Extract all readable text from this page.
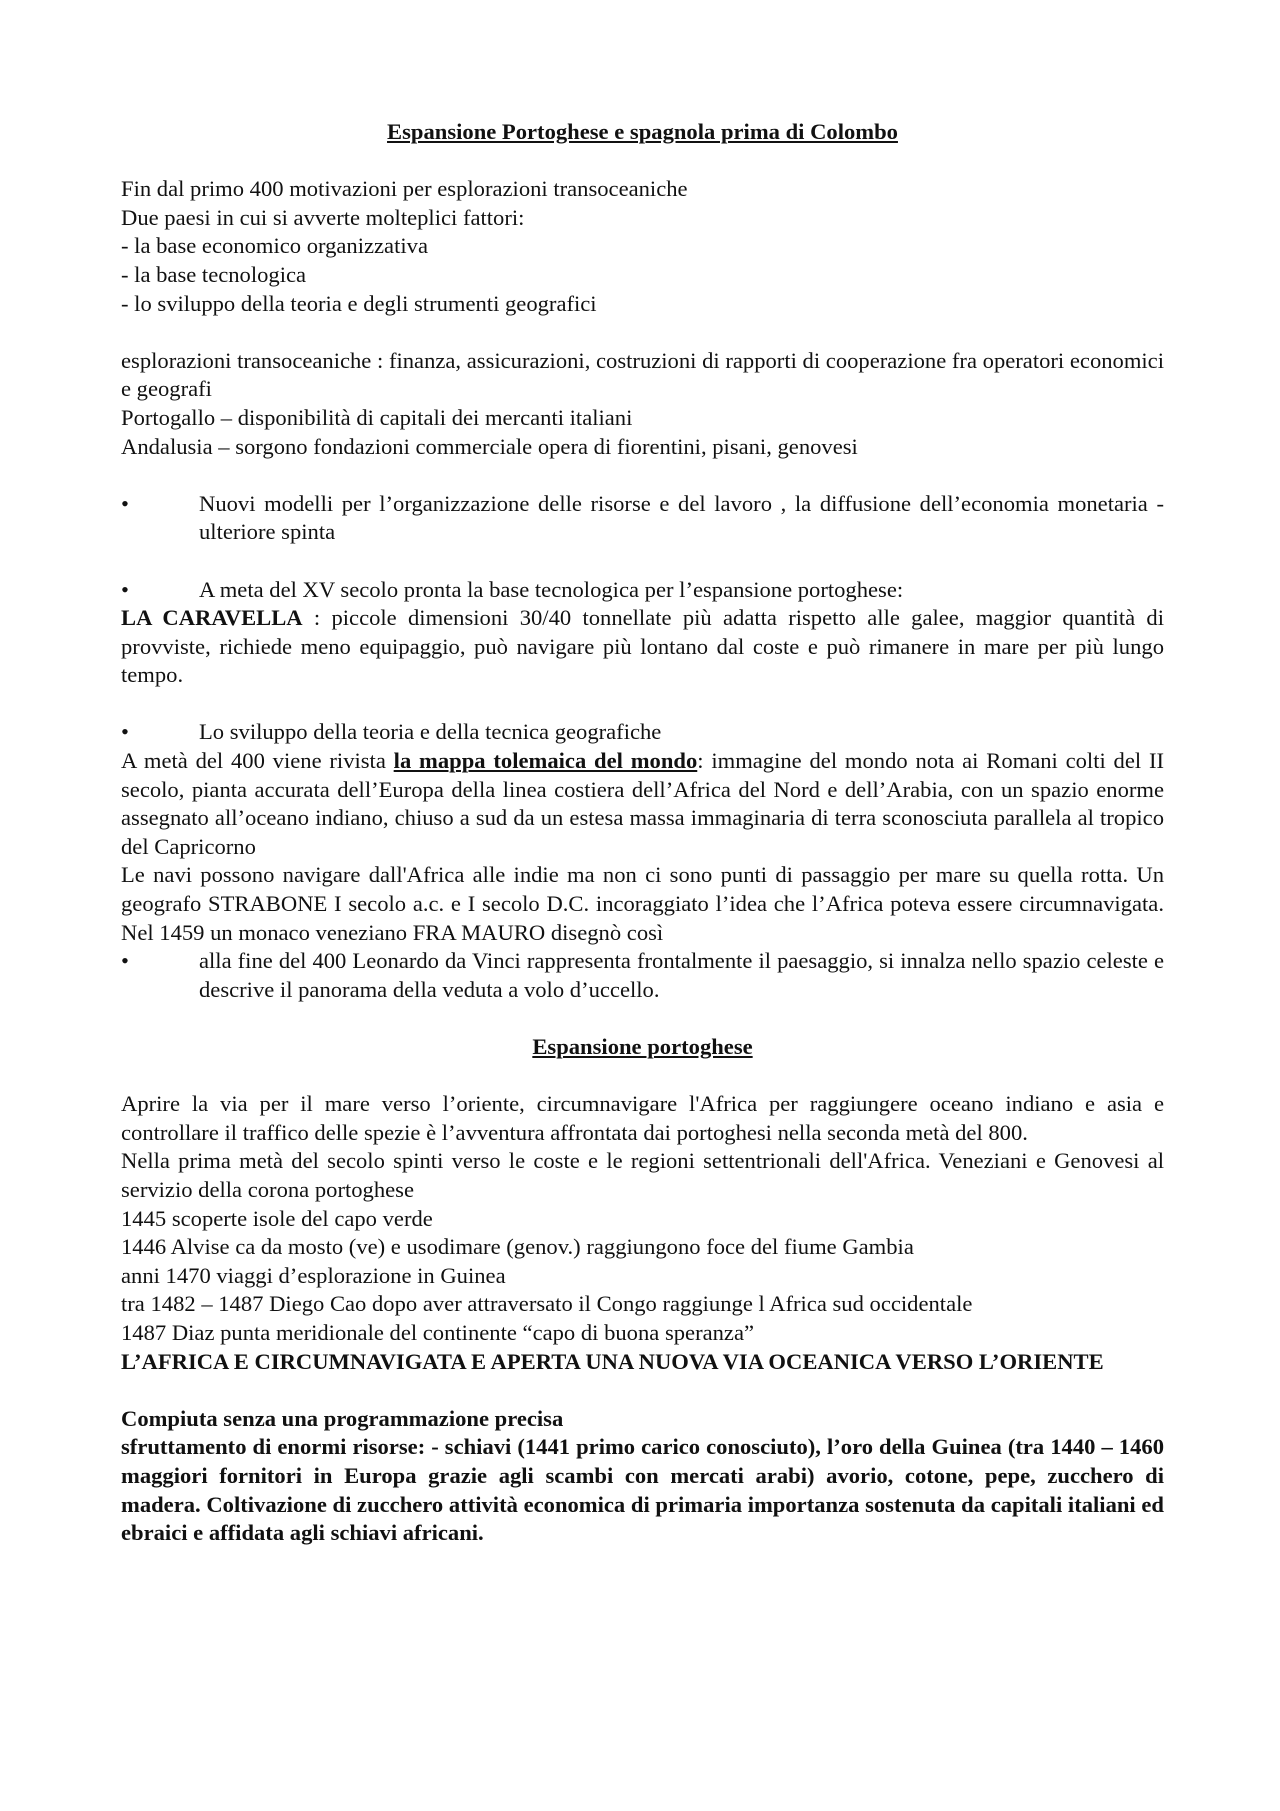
Espansione Portoghese e spagnola prima di Colombo

Fin dal primo 400 motivazioni per esplorazioni transoceaniche

Due paesi in cui si avverte molteplici fattori:

- la base economico organizzativa

- la base tecnologica

- lo sviluppo della teoria e degli strumenti geografici

esplorazioni transoceaniche : finanza, assicurazioni, costruzioni di rapporti di cooperazione fra operatori economici e geografi

Portogallo – disponibilità di capitali dei mercanti italiani

Andalusia – sorgono fondazioni commerciale opera di fiorentini, pisani, genovesi

•	Nuovi modelli per l’organizzazione delle risorse e del lavoro , la diffusione dell’economia monetaria - ulteriore spinta
•	A meta del XV secolo pronta la base tecnologica per l’espansione portoghese:

LA CARAVELLA : piccole dimensioni 30/40 tonnellate più adatta rispetto alle galee, maggior quantità di provviste, richiede meno equipaggio, può navigare più lontano dal coste e può rimanere in mare per più lungo tempo.

•	Lo sviluppo della teoria e della tecnica geografiche

A metà del 400 viene rivista la mappa tolemaica del mondo: immagine del mondo nota ai Romani colti del II secolo, pianta accurata dell’Europa della linea costiera dell’Africa del Nord e dell’Arabia, con un spazio enorme assegnato all’oceano indiano, chiuso a sud da un estesa massa immaginaria di terra sconosciuta parallela al tropico del Capricorno

Le navi possono navigare dall'Africa alle indie ma non ci sono punti di passaggio per mare su quella rotta. Un geografo STRABONE I secolo a.c. e I secolo D.C. incoraggiato l’idea che l’Africa poteva essere circumnavigata. Nel 1459 un monaco veneziano FRA MAURO disegnò così

•	alla fine del 400 Leonardo da Vinci rappresenta frontalmente il paesaggio, si innalza nello spazio celeste e descrive il panorama della veduta a volo d’uccello.

Espansione portoghese

Aprire la via per il mare verso l’oriente, circumnavigare l'Africa per raggiungere oceano indiano e asia e controllare il traffico delle spezie è l’avventura affrontata dai portoghesi nella seconda metà del 800.

Nella prima metà del secolo spinti verso le coste e le regioni settentrionali dell'Africa. Veneziani e Genovesi al servizio della corona portoghese

1445 scoperte isole del capo verde

1446 Alvise ca da mosto (ve) e usodimare (genov.) raggiungono foce del fiume Gambia

anni 1470 viaggi d’esplorazione in Guinea

tra 1482 – 1487 Diego Cao dopo aver attraversato il Congo raggiunge l Africa sud occidentale

1487 Diaz punta meridionale del continente “capo di buona speranza”

L’AFRICA E CIRCUMNAVIGATA E APERTA UNA NUOVA VIA OCEANICA VERSO L’ORIENTE

Compiuta senza una programmazione precisa

sfruttamento di enormi risorse: - schiavi (1441 primo carico conosciuto), l’oro della Guinea (tra 1440 – 1460 maggiori fornitori in Europa grazie agli scambi con mercati arabi) avorio, cotone, pepe, zucchero di madera. Coltivazione di zucchero attività economica di primaria importanza sostenuta da capitali italiani ed ebraici e affidata agli schiavi africani.
